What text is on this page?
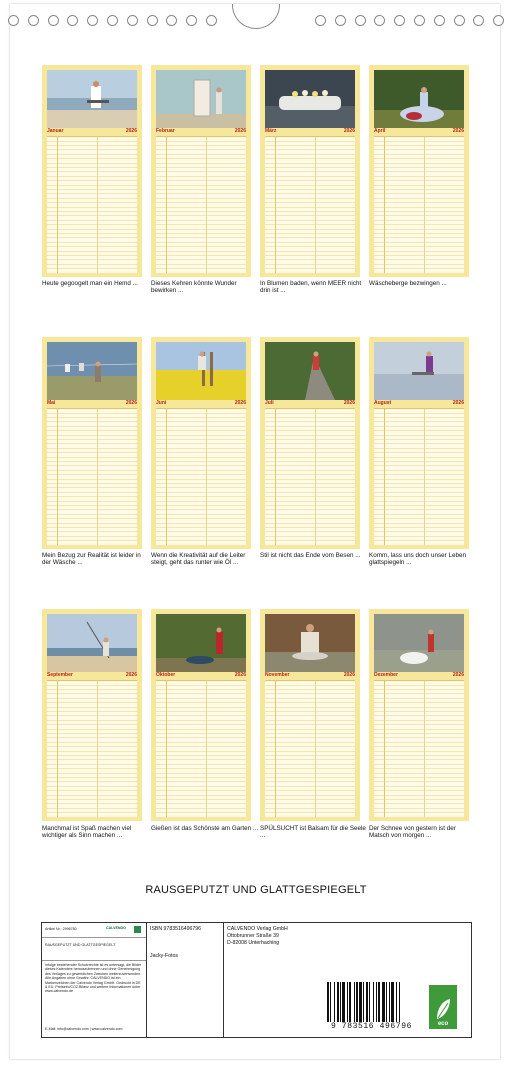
Januar	2026	Februar	2026	März	2026	April	2026
Heute gegoogelt man ein Hemd ...	Dieses Kehren könnte Wunder bewirken ...
In Blumen baden, wenn MEER nicht drin ist ...
Wäscheberge bezwingen ...
Mai	2026	Juni	2026	Juli	2026	August	2026
Mein Bezug zur Realität ist leider in der Wäsche ...
Wenn die Kreativität auf die Leiter steigt, geht das runter wie Öl ...
Stil ist nicht das Ende vom Besen ...	Komm, lass uns doch unser Leben glattspiegeln ...
September	2026	Oktober	2026	November	2026	Dezember	2026
Manchmal ist Spaß machen viel wichtiger als Sinn machen ...
Gießen ist das Schönste am Garten ... SPÜLSUCHT ist Balsam für die Seele ...
Der Schnee von gestern ist der Matsch von morgen ...
RAUSGEPUTZT UND GLATTGESPIEGELT
Artikel Nr.: 2996780	CALVENDO
RAUSGEPUTZT UND GLATTGESPIEGELT
Infolge bestehender Schutzrechte ist es untersagt, die Bilder dieses Kalenders herauszutrennen und ohne Genehmigung des Verlages zu gewerblichen Zwecken weiterzuverwenden. Alle Angaben ohne Gewähr. CALVENDO ist ein Markenzeichen der Calvendo Verlag GmbH. Gedruckt in DE & EU. Preisinfo/CO2-Bilanz und weitere Informationen unter www.calvendo.de
E-Mail: info@calvendo.com | www.calvendo.com
ISBN 9783516496796
Jacky-Fotos
CALVENDO Verlag GmbH
Ottobrunner Straße 39
D-82008 Unterhaching
9 783516 496796	eco
